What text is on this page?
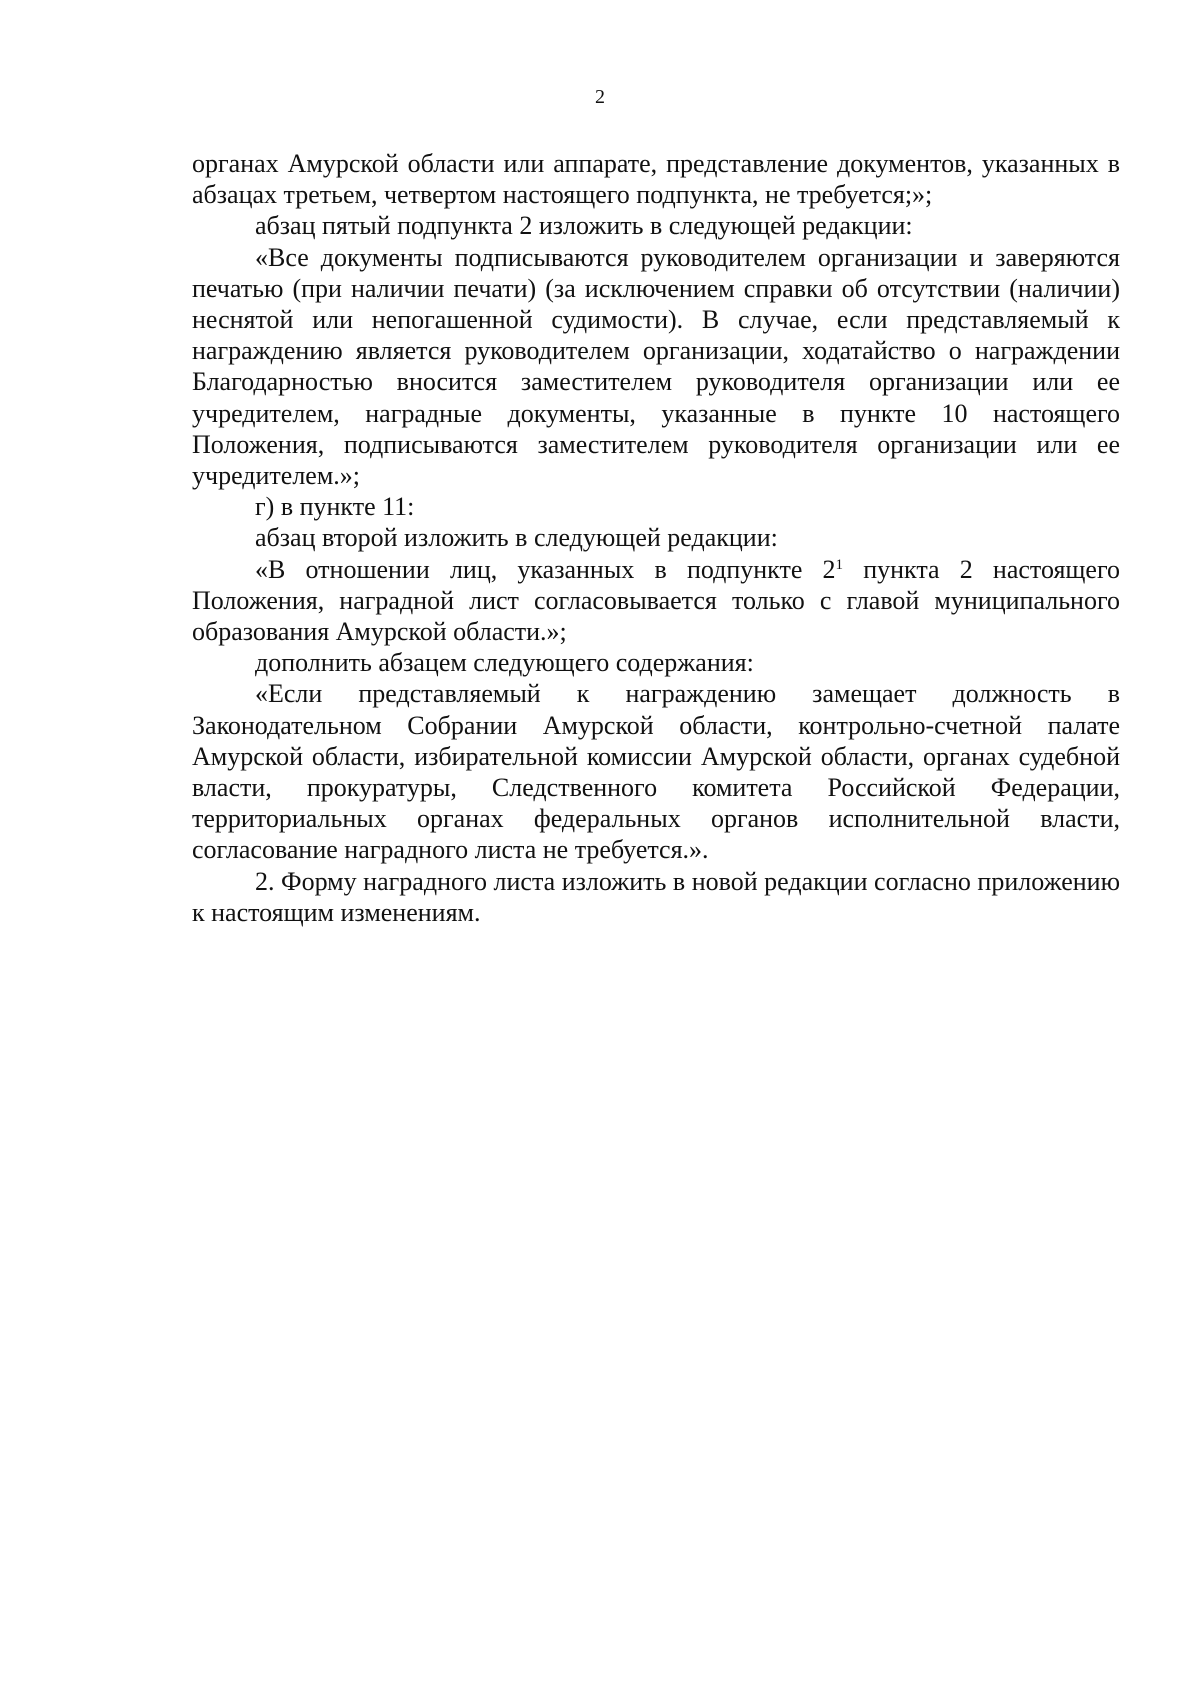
2

органах Амурской области или аппарате, представление документов, указанных в абзацах третьем, четвертом настоящего подпункта, не требуется;»;

абзац пятый подпункта 2 изложить в следующей редакции:

«Все документы подписываются руководителем организации и заверяются печатью (при наличии печати) (за исключением справки об отсутствии (наличии) неснятой или непогашенной судимости). В случае, если представляемый к награждению является руководителем организации, ходатайство о награждении Благодарностью вносится заместителем руководителя организации или ее учредителем, наградные документы, указанные в пункте 10 настоящего Положения, подписываются заместителем руководителя организации или ее учредителем.»;

г) в пункте 11:

абзац второй изложить в следующей редакции:

«В отношении лиц, указанных в подпункте $2^1$ пункта 2 настоящего Положения, наградной лист согласовывается только с главой муниципального образования Амурской области.»;

дополнить абзацем следующего содержания:

«Если представляемый к награждению замещает должность в Законодательном Собрании Амурской области, контрольно-счетной палате Амурской области, избирательной комиссии Амурской области, органах судебной власти, прокуратуры, Следственного комитета Российской Федерации, территориальных органах федеральных органов исполнительной власти, согласование наградного листа не требуется.».

2. Форму наградного листа изложить в новой редакции согласно приложению к настоящим изменениям.
